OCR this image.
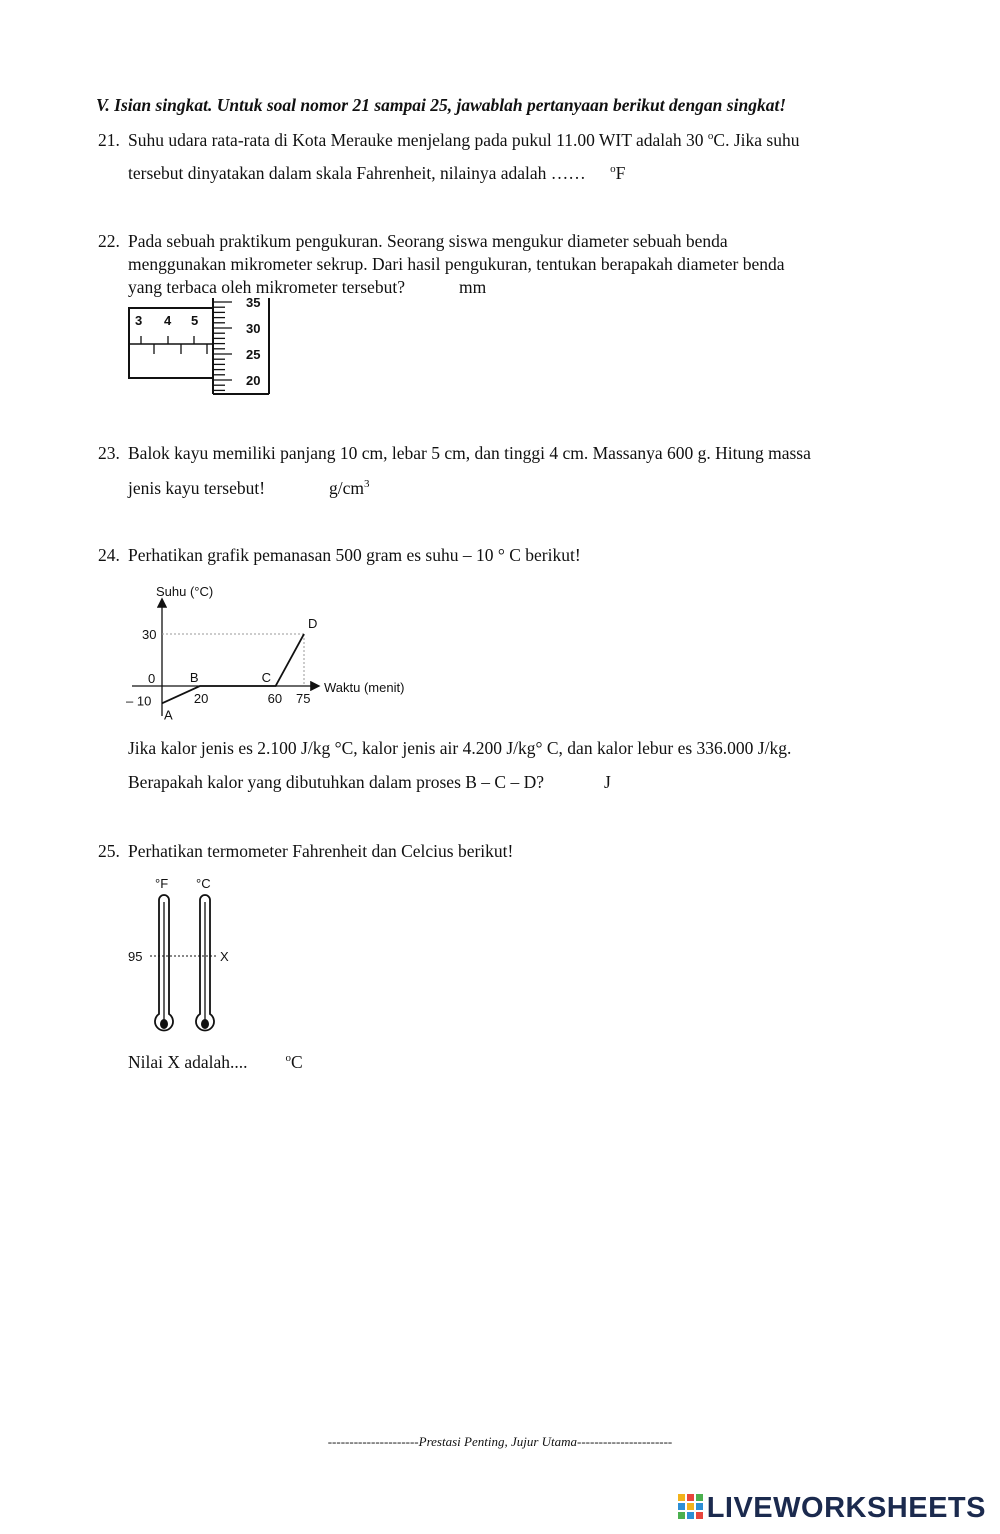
V. Isian singkat. Untuk soal nomor 21 sampai 25, jawablah pertanyaan berikut dengan singkat!
21. Suhu udara rata-rata di Kota Merauke menjelang pada pukul 11.00 WIT adalah 30 $^o$C. Jika suhu
tersebut dinyatakan dalam skala Fahrenheit, nilainya adalah …… $^o$F
22. Pada sebuah praktikum pengukuran. Seorang siswa mengukur diameter sebuah benda
menggunakan mikrometer sekrup. Dari hasil pengukuran, tentukan berapakah diameter benda
yang terbaca oleh mikrometer tersebut?	mm
3 4 5
35
30
25
20
23. Balok kayu memiliki panjang 10 cm, lebar 5 cm, dan tinggi 4 cm. Massanya 600 g. Hitung massa
jenis kayu tersebut!	$g/cm^3$
24. Perhatikan grafik pemanasan 500 gram es suhu – 10 ° C berikut!
Suhu (°C)
Waktu (menit)
30
0
– 10	20	60 75
A
B	C
D
Jika kalor jenis es 2.100 J/kg °C, kalor jenis air 4.200 J/kg° C, dan kalor lebur es 336.000 J/kg.
Berapakah kalor yang dibutuhkan dalam proses B – C – D?	J
25. Perhatikan termometer Fahrenheit dan Celcius berikut!
°F °C
95	X
Nilai X adalah....	$^o$C
---------------------Prestasi Penting, Jujur Utama----------------------
LIVEWORKSHEETS
